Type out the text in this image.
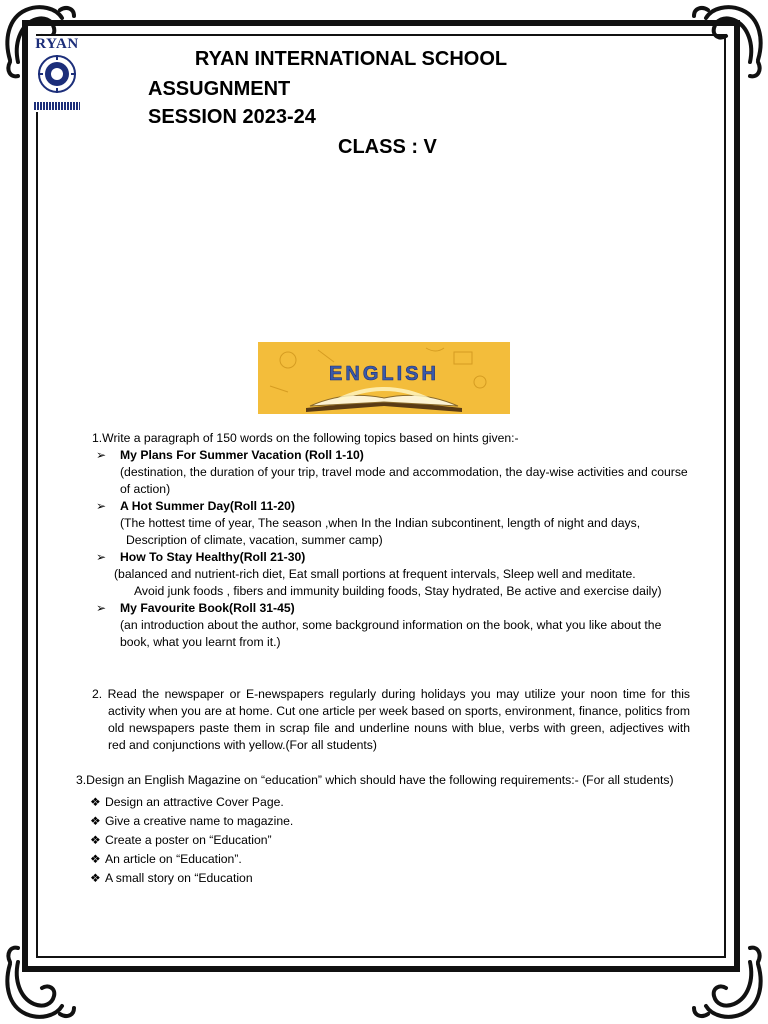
RYAN
RYAN INTERNATIONAL SCHOOL
ASSUGNMENT
SESSION 2023-24
CLASS : V
ENGLISH
1.Write a paragraph of 150 words on the following topics based on hints given:-
➢ My Plans For Summer Vacation (Roll 1-10)
(destination, the duration of your trip, travel mode and accommodation, the day-wise activities and course of action)
➢ A Hot Summer Day(Roll 11-20)
(The hottest time of year, The season ,when In the Indian subcontinent, length of night and days,
Description of climate, vacation, summer camp)
➢ How To Stay Healthy(Roll 21-30)
(balanced and nutrient-rich diet, Eat small portions at frequent intervals, Sleep well and meditate.
Avoid junk foods , fibers and immunity building foods, Stay hydrated, Be active and exercise daily)
➢ My Favourite Book(Roll 31-45)
(an introduction about the author, some background information on the book, what you like about the book, what you learnt from it.)
2. Read the newspaper or E-newspapers regularly during holidays you may utilize your noon time for this activity when you are at home. Cut one article per week based on sports, environment, finance, politics from old newspapers paste them in scrap file and underline nouns with blue, verbs with green, adjectives with red and conjunctions with yellow.(For all students)
3.Design an English Magazine on “education” which should have the following requirements:- (For all students)
❖ Design an attractive Cover Page.
❖ Give a creative name to magazine.
❖ Create a poster on “Education”
❖ An article on “Education”.
❖ A small story on “Education
